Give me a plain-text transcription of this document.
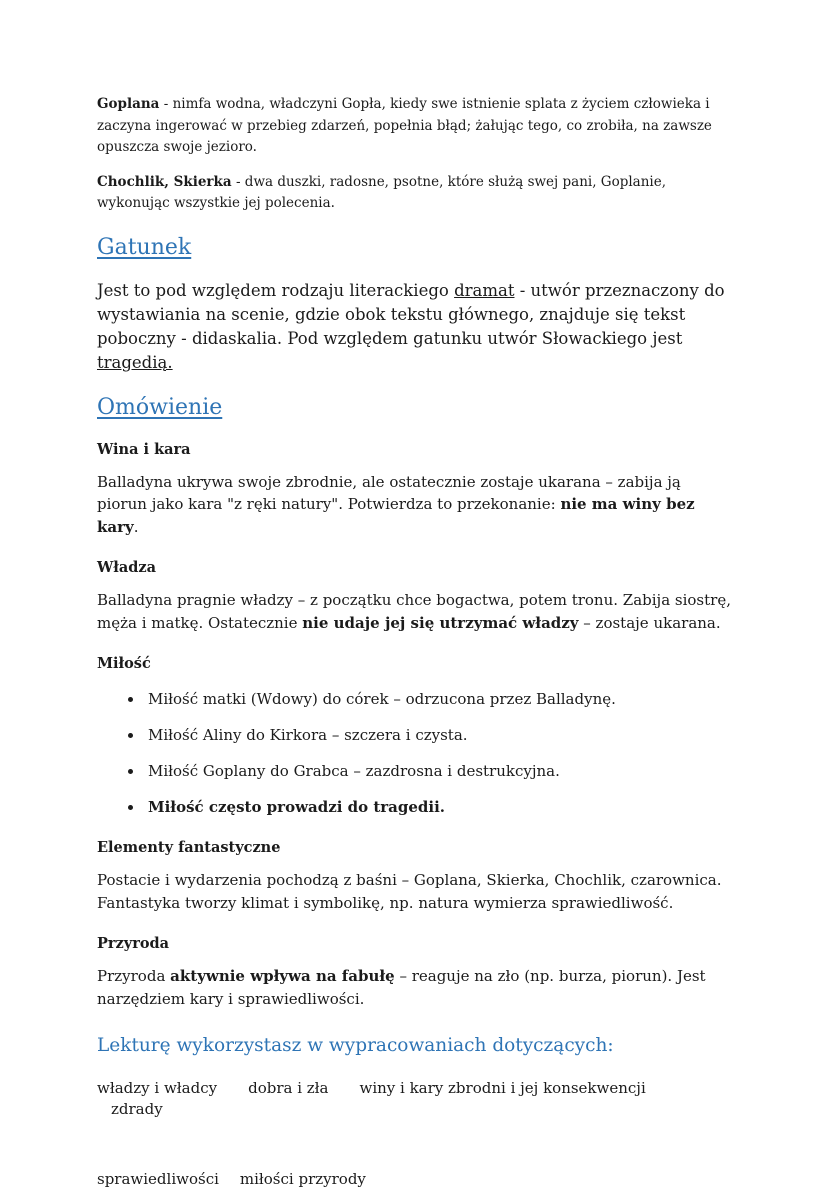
Goplana - nimfa wodna, władczyni Gopła, kiedy swe istnienie splata z życiem człowieka i zaczyna ingerować w przebieg zdarzeń, popełnia błąd; żałując tego, co zrobiła, na zawsze opuszcza swoje jezioro.

Chochlik, Skierka - dwa duszki, radosne, psotne, które służą swej pani, Goplanie, wykonując wszystkie jej polecenia.

Gatunek

Jest to pod względem rodzaju literackiego dramat - utwór przeznaczony do wystawiania na scenie, gdzie obok tekstu głównego, znajduje się tekst poboczny - didaskalia. Pod względem gatunku utwór Słowackiego jest tragedią.

Omówienie
Wina i kara

Balladyna ukrywa swoje zbrodnie, ale ostatecznie zostaje ukarana – zabija ją piorun jako kara "z ręki natury". Potwierdza to przekonanie: nie ma winy bez kary.

Władza

Balladyna pragnie władzy – z początku chce bogactwa, potem tronu. Zabija siostrę, męża i matkę. Ostatecznie nie udaje jej się utrzymać władzy – zostaje ukarana.

Miłość
• Miłość matki (Wdowy) do córek – odrzucona przez Balladynę.
• Miłość Aliny do Kirkora – szczera i czysta.
• Miłość Goplany do Grabca – zazdrosna i destrukcyjna.
• Miłość często prowadzi do tragedii.
Elementy fantastyczne

Postacie i wydarzenia pochodzą z baśni – Goplana, Skierka, Chochlik, czarownica. Fantastyka tworzy klimat i symbolikę, np. natura wymierza sprawiedliwość.

Przyroda

Przyroda aktywnie wpływa na fabułę – reaguje na zło (np. burza, piorun). Jest narzędziem kary i sprawiedliwości.

Lekturę wykorzystasz w wypracowaniach dotyczących:
władzy i władcy dobra i zła winy i kary zbrodni i jej konsekwencji
zdrady
sprawiedliwości miłości przyrody
